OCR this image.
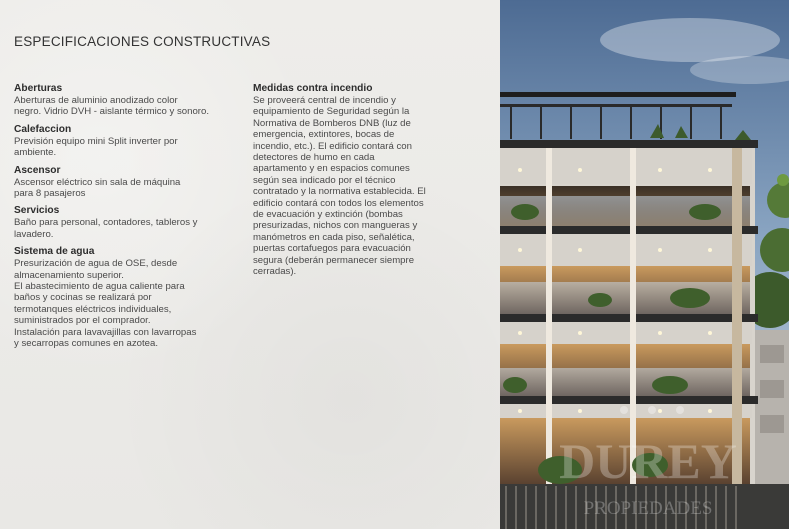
ESPECIFICACIONES CONSTRUCTIVAS
Aberturas
Aberturas de aluminio anodizado color
negro. Vidrio DVH - aislante térmico y sonoro.
Calefaccion
Previsión equipo mini Split inverter por
ambiente.
Ascensor
Ascensor eléctrico sin sala de máquina
para 8 pasajeros
Servicios
Baño para personal, contadores, tableros y
lavadero.
Sistema de agua
Presurización de agua de OSE, desde
almacenamiento superior.
El abastecimiento de agua caliente para
baños y cocinas se realizará por
termotanques eléctricos individuales,
suministrados por el comprador.
Instalación para lavavajillas con lavarropas
y secarropas comunes en azotea.
Medidas contra incendio
Se proveerá central de incendio y
equipamiento de Seguridad según la
Normativa de Bomberos DNB (luz de
emergencia, extintores, bocas de
incendio, etc.). El edificio contará con
detectores de humo en cada
apartamento y en espacios comunes
según sea indicado por el técnico
contratado y la normativa establecida. El
edificio contará con todos los elementos
de evacuación y extinción (bombas
presurizadas, nichos con mangueras y
manómetros en cada piso, señalética,
puertas cortafuegos para evacuación
segura (deberán permanecer siempre
cerradas).
DUREY
PROPIEDADES
